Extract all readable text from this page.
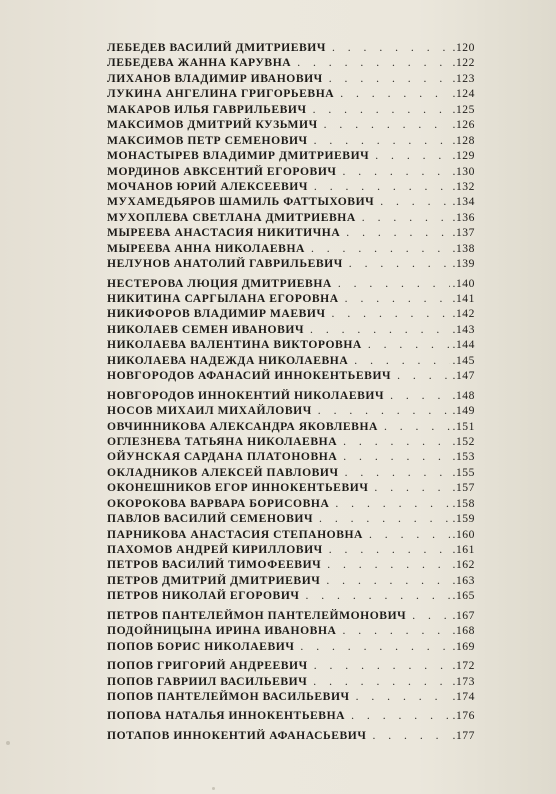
ЛЕБЕДЕВ ВАСИЛИЙ ДМИТРИЕВИЧ . . .	.120
ЛЕБЕДЕВА ЖАННА КАРУВНА . . .	.122
ЛИХАНОВ ВЛАДИМИР ИВАНОВИЧ . . .	.123
ЛУКИНА АНГЕЛИНА ГРИГОРЬЕВНА . . .	.124
МАКАРОВ ИЛЬЯ ГАВРИЛЬЕВИЧ . . .	.125
МАКСИМОВ ДМИТРИЙ КУЗЬМИЧ . . .	.126
МАКСИМОВ ПЕТР СЕМЕНОВИЧ . . .	.128
МОНАСТЫРЕВ ВЛАДИМИР ДМИТРИЕВИЧ . . .	.129
МОРДИНОВ АВКСЕНТИЙ ЕГОРОВИЧ . . .	.130
МОЧАНОВ ЮРИЙ АЛЕКСЕЕВИЧ . . .	.132
МУХАМЕДЬЯРОВ ШАМИЛЬ ФАТТЫХОВИЧ . . .	.134
МУХОПЛЕВА СВЕТЛАНА ДМИТРИЕВНА . . .	.136
МЫРЕЕВА АНАСТАСИЯ НИКИТИЧНА . . .	.137
МЫРЕЕВА АННА НИКОЛАЕВНА . . .	.138
НЕЛУНОВ АНАТОЛИЙ ГАВРИЛЬЕВИЧ . . .	.139
НЕСТЕРОВА ЛЮЦИЯ ДМИТРИЕВНА . . .	.140
НИКИТИНА САРГЫЛАНА ЕГОРОВНА . . .	.141
НИКИФОРОВ ВЛАДИМИР МАЕВИЧ . . .	.142
НИКОЛАЕВ СЕМЕН ИВАНОВИЧ . . .	.143
НИКОЛАЕВА ВАЛЕНТИНА ВИКТОРОВНА . . .	.144
НИКОЛАЕВА НАДЕЖДА НИКОЛАЕВНА . . .	.145
НОВГОРОДОВ АФАНАСИЙ ИННОКЕНТЬЕВИЧ . . .	.147
НОВГОРОДОВ ИННОКЕНТИЙ НИКОЛАЕВИЧ . . .	.148
НОСОВ МИХАИЛ МИХАЙЛОВИЧ . . .	.149
ОВЧИННИКОВА АЛЕКСАНДРА ЯКОВЛЕВНА . . .	.151
ОГЛЕЗНЕВА ТАТЬЯНА НИКОЛАЕВНА . . .	.152
ОЙУНСКАЯ САРДАНА ПЛАТОНОВНА . . .	.153
ОКЛАДНИКОВ АЛЕКСЕЙ ПАВЛОВИЧ . . .	.155
ОКОНЕШНИКОВ ЕГОР ИННОКЕНТЬЕВИЧ . . .	.157
ОКОРОКОВА ВАРВАРА БОРИСОВНА . . .	.158
ПАВЛОВ ВАСИЛИЙ СЕМЕНОВИЧ . . .	.159
ПАРНИКОВА АНАСТАСИЯ СТЕПАНОВНА . . .	.160
ПАХОМОВ АНДРЕЙ КИРИЛЛОВИЧ . . .	.161
ПЕТРОВ ВАСИЛИЙ ТИМОФЕЕВИЧ . . .	.162
ПЕТРОВ ДМИТРИЙ ДМИТРИЕВИЧ . . .	.163
ПЕТРОВ НИКОЛАЙ ЕГОРОВИЧ . . .	.165
ПЕТРОВ ПАНТЕЛЕЙМОН ПАНТЕЛЕЙМОНОВИЧ . . .	.167
ПОДОЙНИЦЫНА ИРИНА ИВАНОВНА . . .	.168
ПОПОВ БОРИС НИКОЛАЕВИЧ . . .	.169
ПОПОВ ГРИГОРИЙ АНДРЕЕВИЧ . . .	.172
ПОПОВ ГАВРИИЛ ВАСИЛЬЕВИЧ . . .	.173
ПОПОВ ПАНТЕЛЕЙМОН ВАСИЛЬЕВИЧ . . .	.174
ПОПОВА НАТАЛЬЯ ИННОКЕНТЬЕВНА . . .	.176
ПОТАПОВ ИННОКЕНТИЙ АФАНАСЬЕВИЧ . . .	.177
